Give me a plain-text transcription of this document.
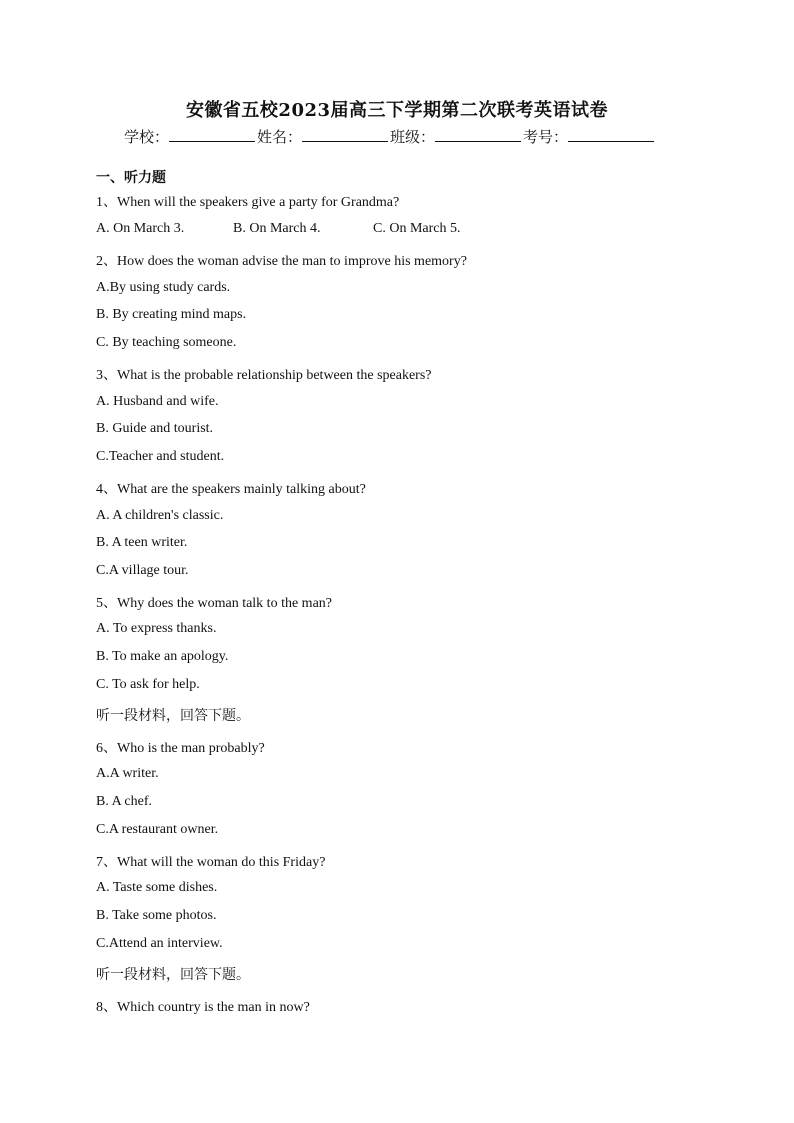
安徽省五校2023届高三下学期第二次联考英语试卷
学校：	姓名：	班级：	考号：
一、听力题
1、When will the speakers give a party for Grandma?
A. On March 3.	B. On March 4.	C. On March 5.
2、How does the woman advise the man to improve his memory?
A.By using study cards.
B. By creating mind maps.
C. By teaching someone.
3、What is the probable relationship between the speakers?
A. Husband and wife.
B. Guide and tourist.
C.Teacher and student.
4、What are the speakers mainly talking about?
A. A children's classic.
B. A teen writer.
C.A village tour.
5、Why does the woman talk to the man?
A. To express thanks.
B. To make an apology.
C. To ask for help.
听一段材料，回答下题。
6、Who is the man probably?
A.A writer.
B. A chef.
C.A restaurant owner.
7、What will the woman do this Friday?
A. Taste some dishes.
B. Take some photos.
C.Attend an interview.
听一段材料，回答下题。
8、Which country is the man in now?
